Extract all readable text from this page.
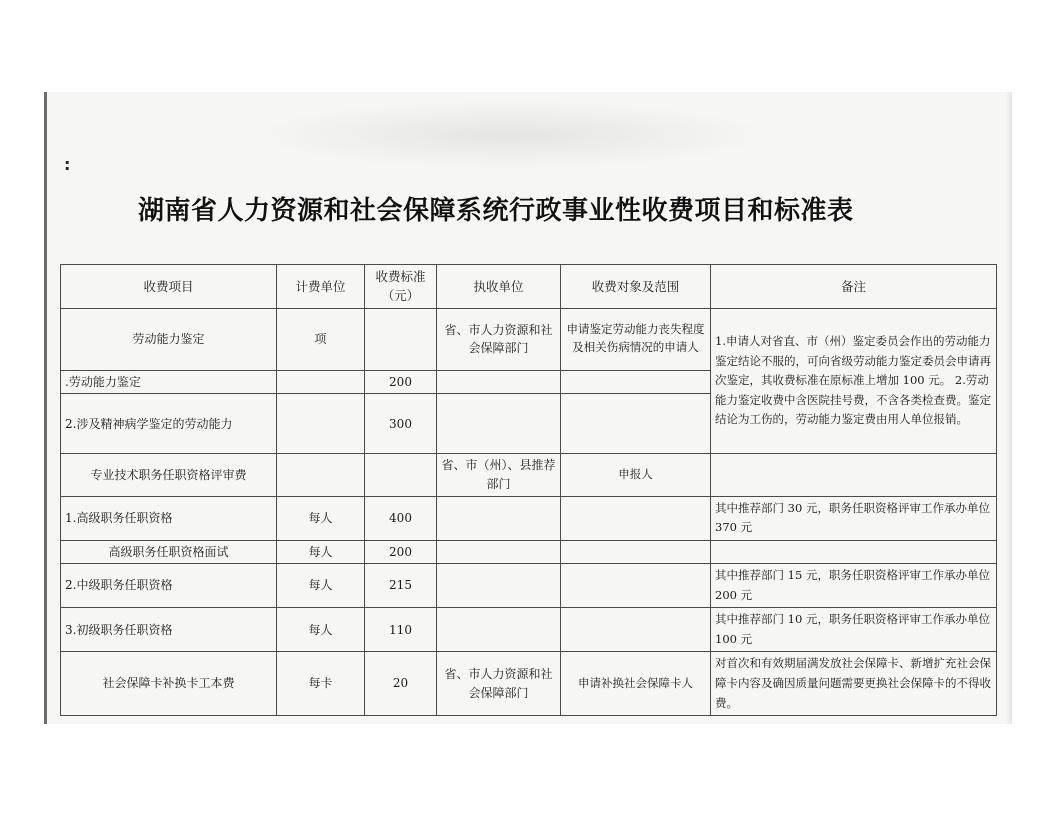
:
湖南省人力资源和社会保障系统行政事业性收费项目和标准表
收费项目	计费单位	收费标准（元）	执收单位	收费对象及范围	备注
劳动能力鉴定	项		省、市人力资源和社会保障部门	申请鉴定劳动能力丧失程度及相关伤病情况的申请人	1.申请人对省直、市（州）鉴定委员会作出的劳动能力鉴定结论不服的，可向省级劳动能力鉴定委员会申请再次鉴定，其收费标准在原标准上增加 100 元。 2.劳动能力鉴定收费中含医院挂号费，不含各类检查费。鉴定结论为工伤的，劳动能力鉴定费由用人单位报销。
.劳动能力鉴定		200			
2.涉及精神病学鉴定的劳动能力		300			
专业技术职务任职资格评审费			省、市（州）、县推荐部门	申报人	
1.高级职务任职资格	每人	400			其中推荐部门 30 元，职务任职资格评审工作承办单位 370 元
高级职务任职资格面试	每人	200			
2.中级职务任职资格	每人	215			其中推荐部门 15 元，职务任职资格评审工作承办单位 200 元
3.初级职务任职资格	每人	110			其中推荐部门 10 元，职务任职资格评审工作承办单位 100 元
社会保障卡补换卡工本费	每卡	20	省、市人力资源和社会保障部门	申请补换社会保障卡人	对首次和有效期届满发放社会保障卡、新增扩充社会保障卡内容及确因质量问题需要更换社会保障卡的不得收费。
